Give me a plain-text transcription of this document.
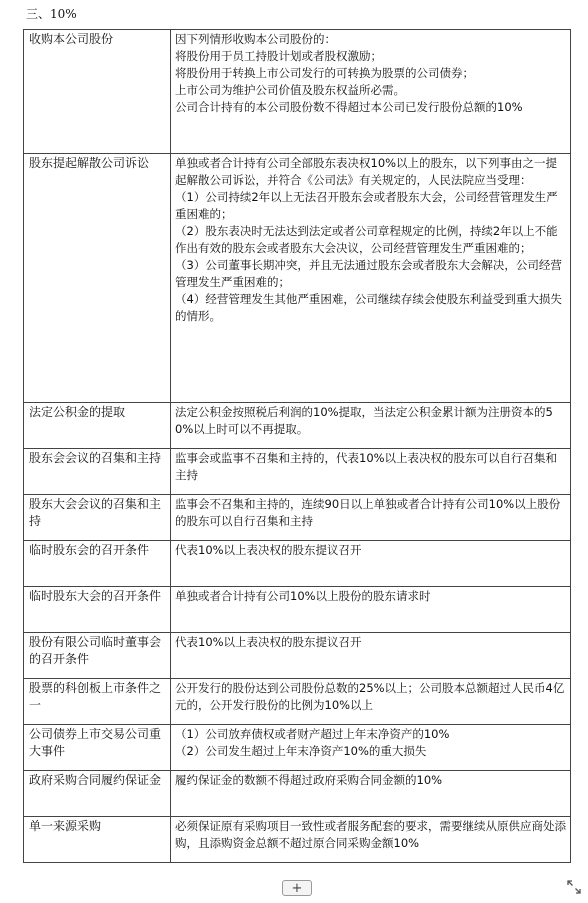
三、10%
收购本公司股份	因下列情形收购本公司股份的：
将股份用于员工持股计划或者股权激励；
将股份用于转换上市公司发行的可转换为股票的公司债券；
上市公司为维护公司价值及股东权益所必需。
公司合计持有的本公司股份数不得超过本公司已发行股份总额的10%

股东提起解散公司诉讼	单独或者合计持有公司全部股东表决权10%以上的股东，以下列事由之一提起解散公司诉讼，并符合《公司法》有关规定的，人民法院应当受理：
（1）公司持续2年以上无法召开股东会或者股东大会，公司经营管理发生严重困难的；
（2）股东表决时无法达到法定或者公司章程规定的比例，持续2年以上不能作出有效的股东会或者股东大会决议，公司经营管理发生严重困难的；
（3）公司董事长期冲突，并且无法通过股东会或者股东大会解决，公司经营管理发生严重困难的；
（4）经营管理发生其他严重困难，公司继续存续会使股东利益受到重大损失的情形。

法定公积金的提取	法定公积金按照税后利润的10%提取，当法定公积金累计额为注册资本的50%以上时可以不再提取。

股东会会议的召集和主持	监事会或监事不召集和主持的，代表10%以上表决权的股东可以自行召集和主持

股东大会会议的召集和主持	监事会不召集和主持的，连续90日以上单独或者合计持有公司10%以上股份的股东可以自行召集和主持

临时股东会的召开条件	代表10%以上表决权的股东提议召开

临时股东大会的召开条件	单独或者合计持有公司10%以上股份的股东请求时

股份有限公司临时董事会的召开条件	代表10%以上表决权的股东提议召开

股票的科创板上市条件之一	公开发行的股份达到公司股份总数的25%以上；公司股本总额超过人民币4亿元的，公开发行股份的比例为10%以上

公司债券上市交易公司重大事件	（1）公司放弃债权或者财产超过上年末净资产的10%
（2）公司发生超过上年末净资产10%的重大损失

政府采购合同履约保证金	履约保证金的数额不得超过政府采购合同金额的10%

单一来源采购	必须保证原有采购项目一致性或者服务配套的要求，需要继续从原供应商处添购，且添购资金总额不超过原合同采购金额10%
+
